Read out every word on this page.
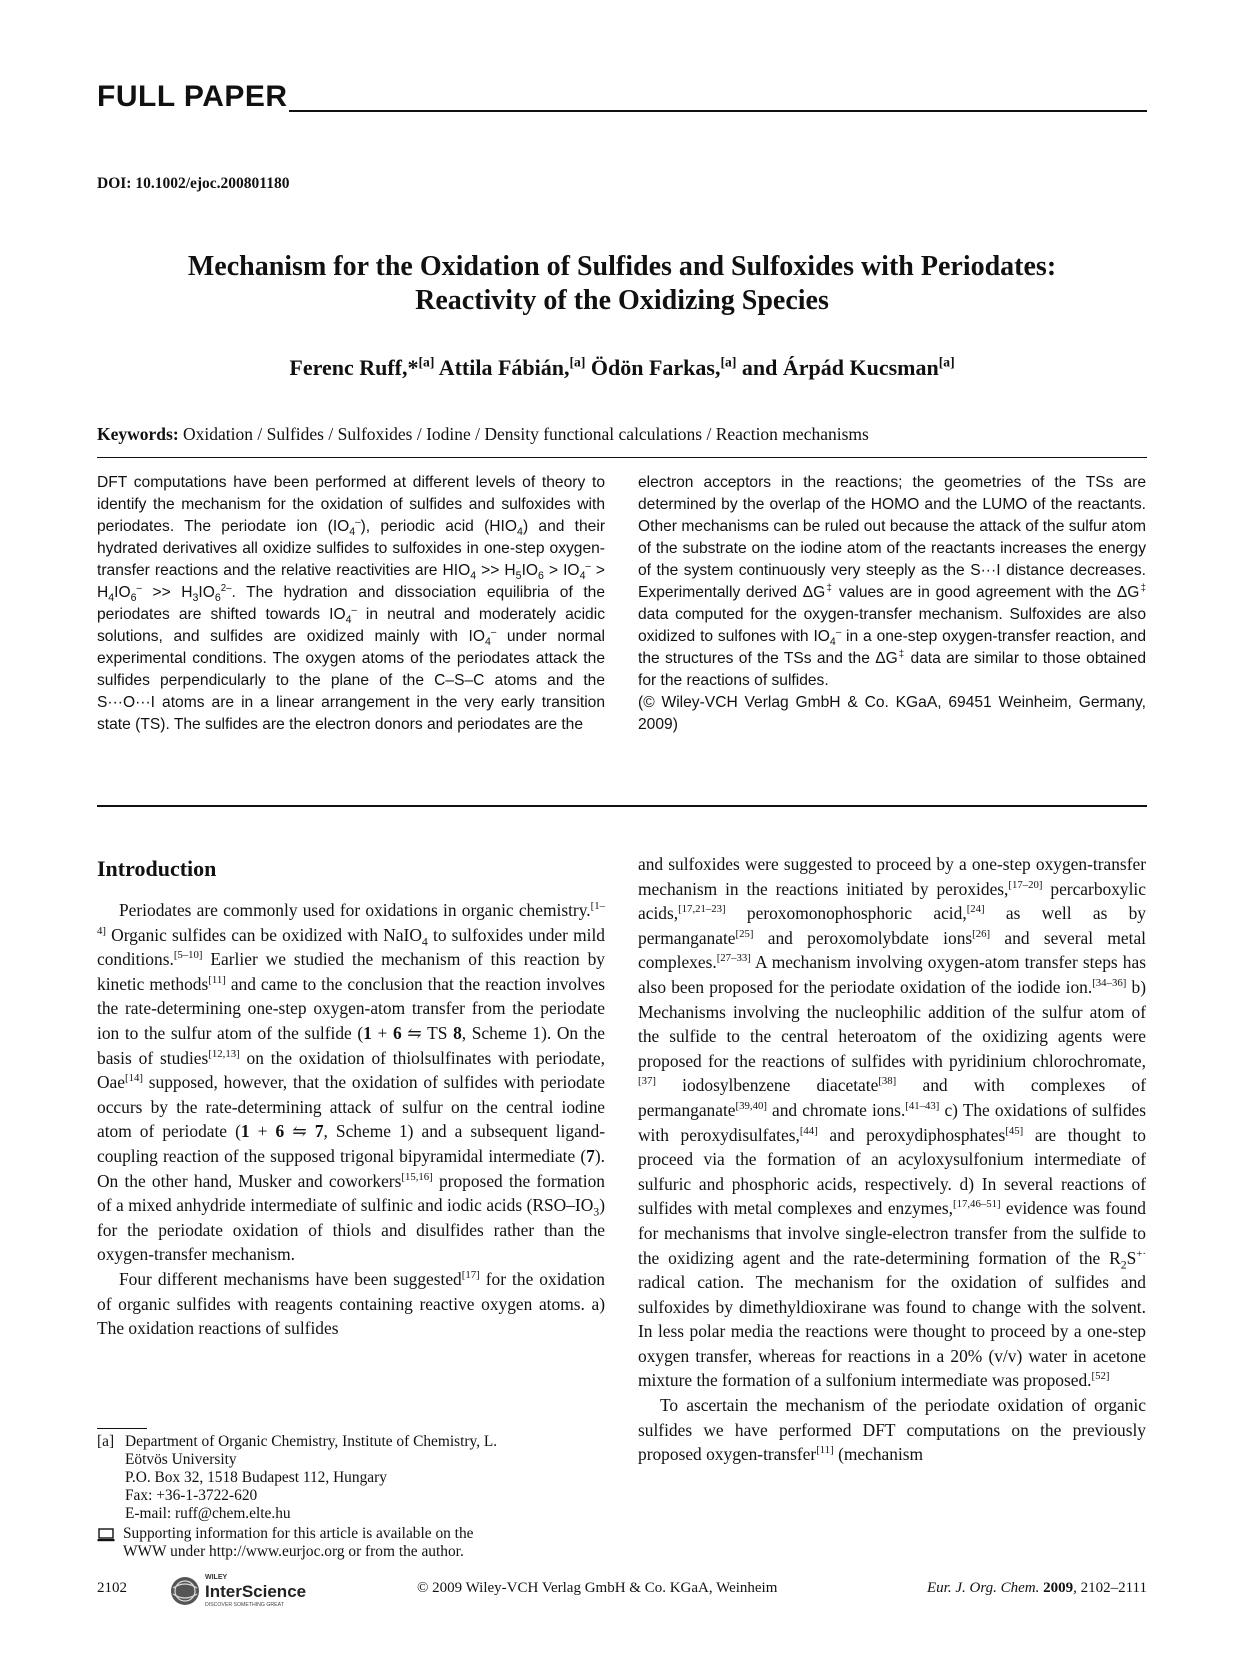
FULL PAPER
DOI: 10.1002/ejoc.200801180
Mechanism for the Oxidation of Sulfides and Sulfoxides with Periodates:
Reactivity of the Oxidizing Species
Ferenc Ruff,*[a] Attila Fábián,[a] Ödön Farkas,[a] and Árpád Kucsman[a]
Keywords: Oxidation / Sulfides / Sulfoxides / Iodine / Density functional calculations / Reaction mechanisms
DFT computations have been performed at different levels of theory to identify the mechanism for the oxidation of sulfides and sulfoxides with periodates. The periodate ion $(IO_4^-)$, periodic acid $(HIO_4)$ and their hydrated derivatives all oxidize sulfides to sulfoxides in one-step oxygen-transfer reactions and the relative reactivities are $HIO_4 >> H_5IO_6 > IO_4^- > H_4IO_6^- >> H_3IO_6^{2-}$. The hydration and dissociation equilibria of the periodates are shifted towards $IO_4^-$ in neutral and moderately acidic solutions, and sulfides are oxidized mainly with $IO_4^-$ under normal experimental conditions. The oxygen atoms of the periodates attack the sulfides perpendicularly to the plane of the C–S–C atoms and the S···O···I atoms are in a linear arrangement in the very early transition state (TS). The sulfides are the electron donors and periodates are the
electron acceptors in the reactions; the geometries of the TSs are determined by the overlap of the HOMO and the LUMO of the reactants. Other mechanisms can be ruled out because the attack of the sulfur atom of the substrate on the iodine atom of the reactants increases the energy of the system continuously very steeply as the S···I distance decreases. Experimentally derived ΔG‡ values are in good agreement with the ΔG‡ data computed for the oxygen-transfer mechanism. Sulfoxides are also oxidized to sulfones with $IO_4^-$ in a one-step oxygen-transfer reaction, and the structures of the TSs and the ΔG‡ data are similar to those obtained for the reactions of sulfides.
(© Wiley-VCH Verlag GmbH & Co. KGaA, 69451 Weinheim, Germany, 2009)
Introduction

Periodates are commonly used for oxidations in organic chemistry.[1–4] Organic sulfides can be oxidized with NaIO$_4$ to sulfoxides under mild conditions.[5–10] Earlier we studied the mechanism of this reaction by kinetic methods[11] and came to the conclusion that the reaction involves the rate-determining one-step oxygen-atom transfer from the periodate ion to the sulfur atom of the sulfide (1 + 6 ⇋ TS 8, Scheme 1). On the basis of studies[12,13] on the oxidation of thiolsulfinates with periodate, Oae[14] supposed, however, that the oxidation of sulfides with periodate occurs by the rate-determining attack of sulfur on the central iodine atom of periodate (1 + 6 ⇋ 7, Scheme 1) and a subsequent ligand-coupling reaction of the supposed trigonal bipyramidal intermediate (7). On the other hand, Musker and coworkers[15,16] proposed the formation of a mixed anhydride intermediate of sulfinic and iodic acids $(RSO-IO_3)$ for the periodate oxidation of thiols and disulfides rather than the oxygen-transfer mechanism.

Four different mechanisms have been suggested[17] for the oxidation of organic sulfides with reagents containing reactive oxygen atoms. a) The oxidation reactions of sulfides

and sulfoxides were suggested to proceed by a one-step oxygen-transfer mechanism in the reactions initiated by peroxides,[17–20] percarboxylic acids,[17,21–23] peroxomonophosphoric acid,[24] as well as by permanganate[25] and peroxomolybdate ions[26] and several metal complexes.[27–33] A mechanism involving oxygen-atom transfer steps has also been proposed for the periodate oxidation of the iodide ion.[34–36] b) Mechanisms involving the nucleophilic addition of the sulfur atom of the sulfide to the central heteroatom of the oxidizing agents were proposed for the reactions of sulfides with pyridinium chlorochromate,[37] iodosylbenzene diacetate[38] and with complexes of permanganate[39,40] and chromate ions.[41–43] c) The oxidations of sulfides with peroxydisulfates,[44] and peroxydiphosphates[45] are thought to proceed via the formation of an acyloxysulfonium intermediate of sulfuric and phosphoric acids, respectively. d) In several reactions of sulfides with metal complexes and enzymes,[17,46–51] evidence was found for mechanisms that involve single-electron transfer from the sulfide to the oxidizing agent and the rate-determining formation of the $R_2S^{+\cdot}$ radical cation. The mechanism for the oxidation of sulfides and sulfoxides by dimethyldioxirane was found to change with the solvent. In less polar media the reactions were thought to proceed by a one-step oxygen transfer, whereas for reactions in a 20% (v/v) water in acetone mixture the formation of a sulfonium intermediate was proposed.[52]

To ascertain the mechanism of the periodate oxidation of organic sulfides we have performed DFT computations on the previously proposed oxygen-transfer[11] (mechanism

[a] Department of Organic Chemistry, Institute of Chemistry, L.
Eötvös University
P.O. Box 32, 1518 Budapest 112, Hungary
Fax: +36-1-3722-620
E-mail: ruff@chem.elte.hu
Supporting information for this article is available on the
WWW under http://www.eurjoc.org or from the author.
2102
WILEY
InterScience
DISCOVER SOMETHING GREAT
© 2009 Wiley-VCH Verlag GmbH & Co. KGaA, Weinheim	Eur. J. Org. Chem. 2009, 2102–2111
